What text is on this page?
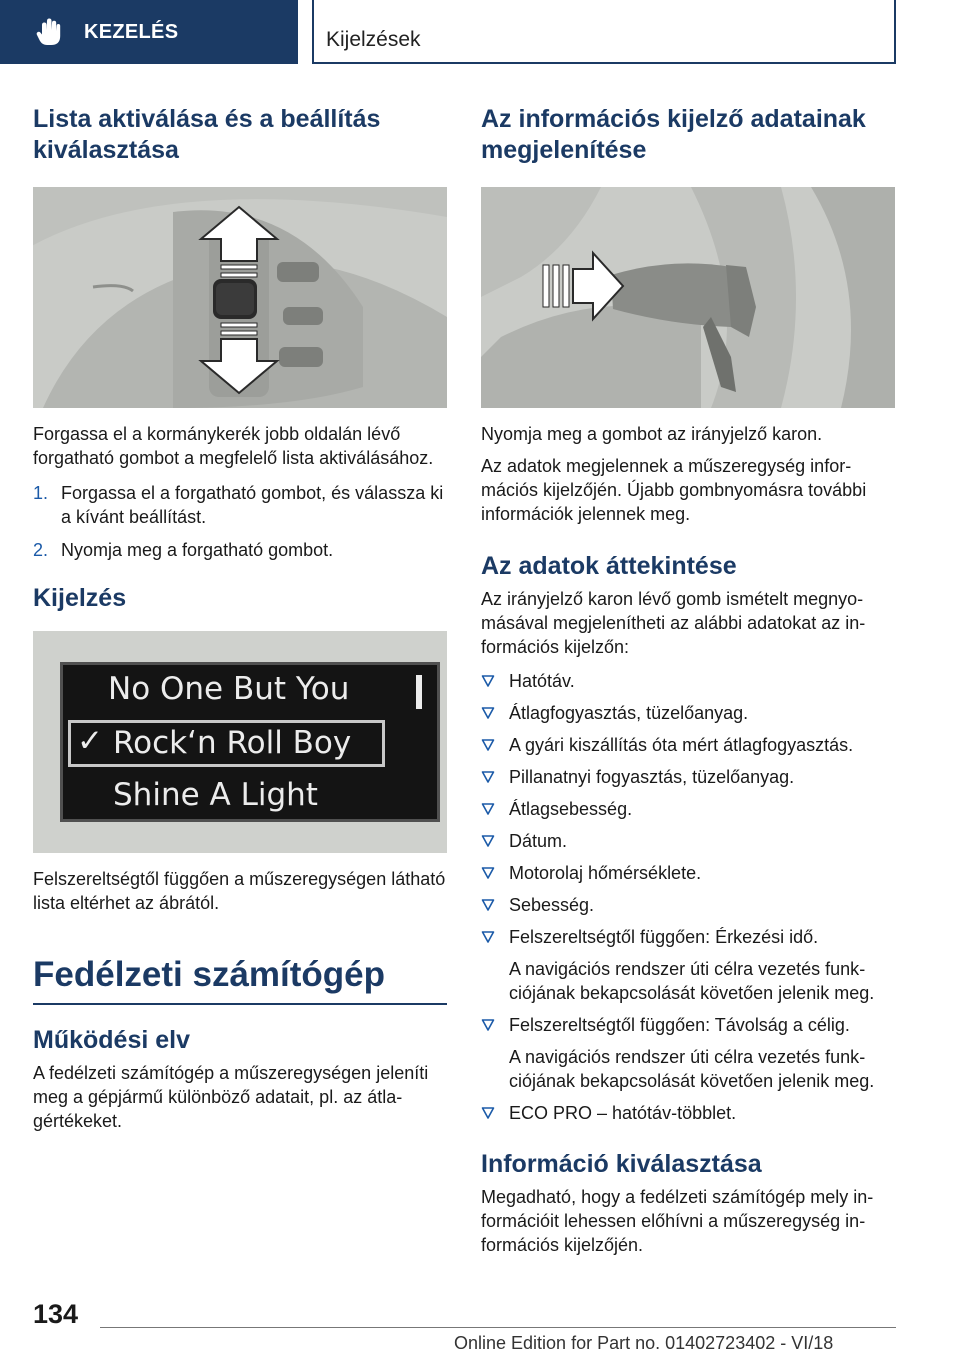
KEZELÉS	Kijelzések
Lista aktiválása és a beállítás kiválasztása

Forgassa el a kormánykerék jobb oldalán lévő forgatható gombot a megfelelő lista aktiválásához.

1. Forgassa el a forgatható gombot, és válassza ki a kívánt beállítást.
2. Nyomja meg a forgatható gombot.
Kijelzés
No One But You
✓ Rock‘n Roll Boy
Shine A Light

Felszereltségtől függően a műszeregységen látható lista eltérhet az ábrától.

Fedélzeti számítógép
Működési elv

A fedélzeti számítógép a műszeregységen jeleníti meg a gépjármű különböző adatait, pl. az átlagértékeket.

Az információs kijelző adatainak megjelenítése

Nyomja meg a gombot az irányjelző karon.

Az adatok megjelennek a műszeregység információs kijelzőjén. Újabb gombnyomásra további információk jelennek meg.

Az adatok áttekintése

Az irányjelző karon lévő gomb ismételt megnyomásával megjelenítheti az alábbi adatokat az információs kijelzőn:

Hatótáv.
Átlagfogyasztás, tüzelőanyag.
A gyári kiszállítás óta mért átlagfogyasztás.
Pillanatnyi fogyasztás, tüzelőanyag.
Átlagsebesség.
Dátum.
Motorolaj hőmérséklete.
Sebesség.
Felszereltségtől függően: Érkezési idő.
A navigációs rendszer úti célra vezetés funkciójának bekapcsolását követően jelenik meg.
Felszereltségtől függően: Távolság a célig.
A navigációs rendszer úti célra vezetés funkciójának bekapcsolását követően jelenik meg.
ECO PRO – hatótáv-többlet.
Információ kiválasztása

Megadható, hogy a fedélzeti számítógép mely információit lehessen előhívni a műszeregység információs kijelzőjén.

134
Online Edition for Part no. 01402723402 - VI/18
